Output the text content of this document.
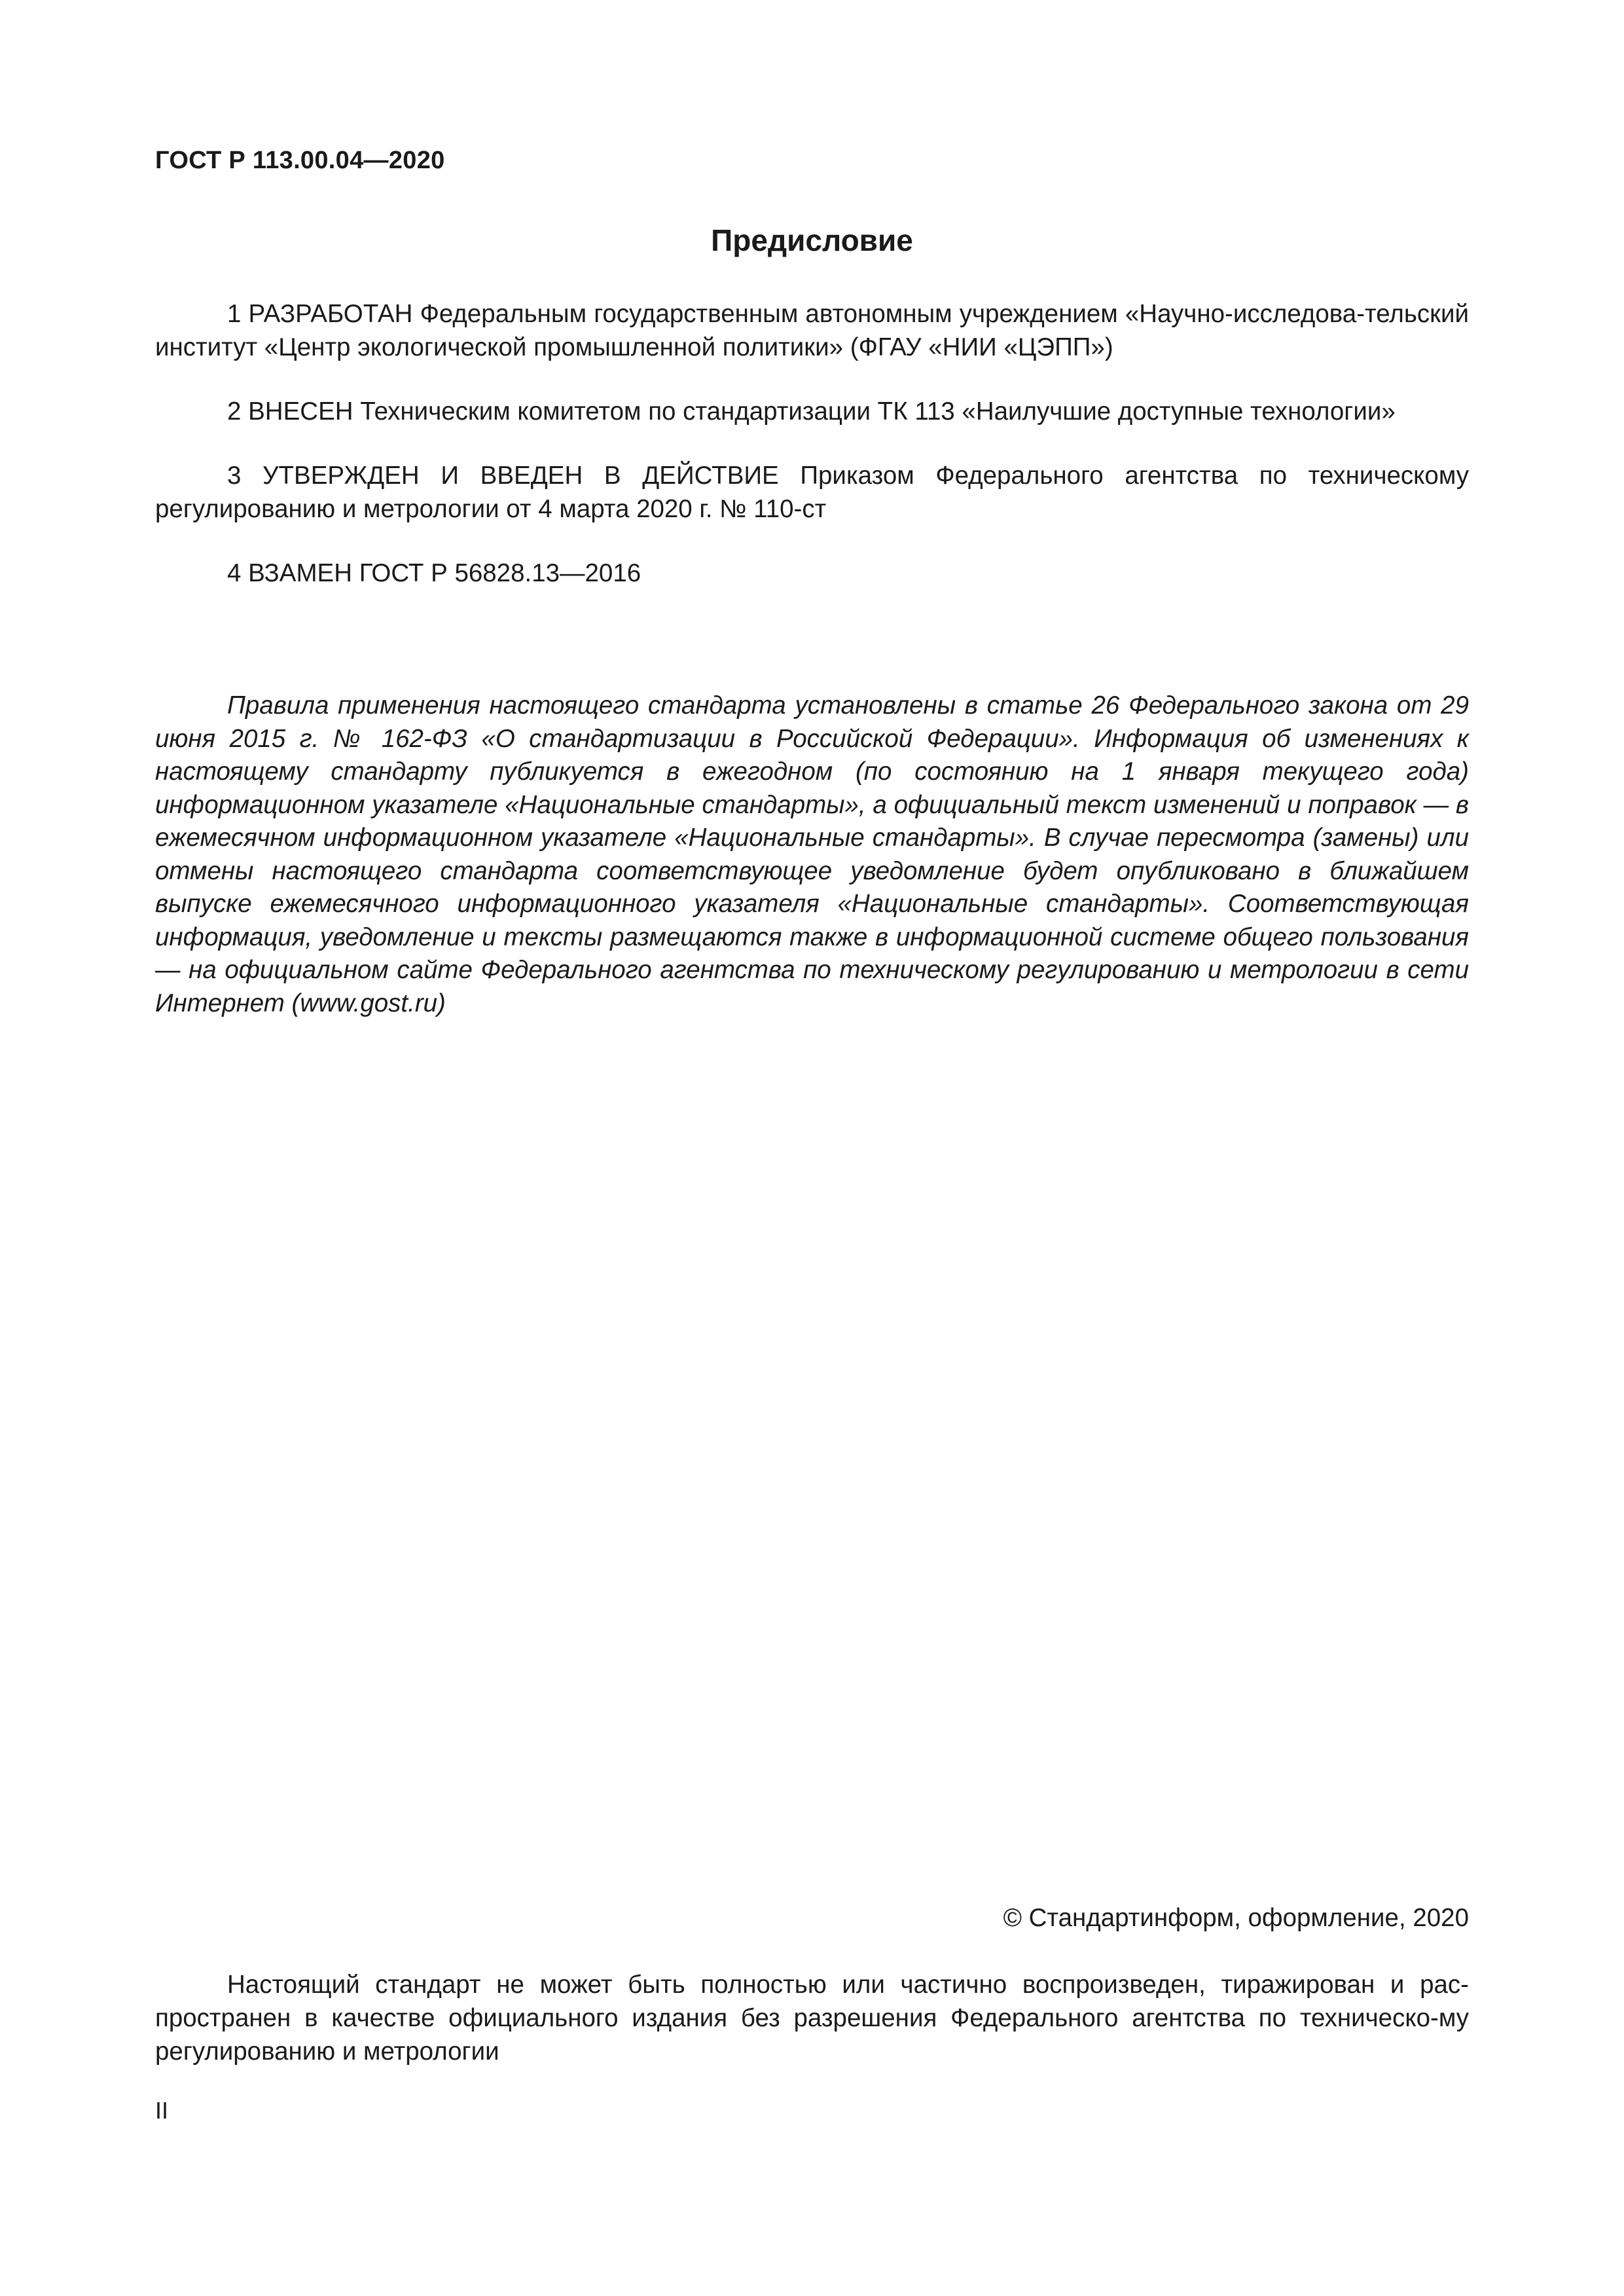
ГОСТ Р 113.00.04—2020
Предисловие

1 РАЗРАБОТАН Федеральным государственным автономным учреждением «Научно-исследова-тельский институт «Центр экологической промышленной политики» (ФГАУ «НИИ «ЦЭПП»)

2 ВНЕСЕН Техническим комитетом по стандартизации ТК 113 «Наилучшие доступные технологии»

3 УТВЕРЖДЕН И ВВЕДЕН В ДЕЙСТВИЕ Приказом Федерального агентства по техническому регулированию и метрологии от 4 марта 2020 г. № 110-ст

4 ВЗАМЕН ГОСТ Р 56828.13—2016

Правила применения настоящего стандарта установлены в статье 26 Федерального закона от 29 июня 2015 г. № 162-ФЗ «О стандартизации в Российской Федерации». Информация об изменениях к настоящему стандарту публикуется в ежегодном (по состоянию на 1 января текущего года) информационном указателе «Национальные стандарты», а официальный текст изменений и поправок — в ежемесячном информационном указателе «Национальные стандарты». В случае пересмотра (замены) или отмены настоящего стандарта соответствующее уведомление будет опубликовано в ближайшем выпуске ежемесячного информационного указателя «Национальные стандарты». Соответствующая информация, уведомление и тексты размещаются также в информационной системе общего пользования — на официальном сайте Федерального агентства по техническому регулированию и метрологии в сети Интернет (www.gost.ru)

© Стандартинформ, оформление, 2020

Настоящий стандарт не может быть полностью или частично воспроизведен, тиражирован и рас-пространен в качестве официального издания без разрешения Федерального агентства по техническо-му регулированию и метрологии

II
